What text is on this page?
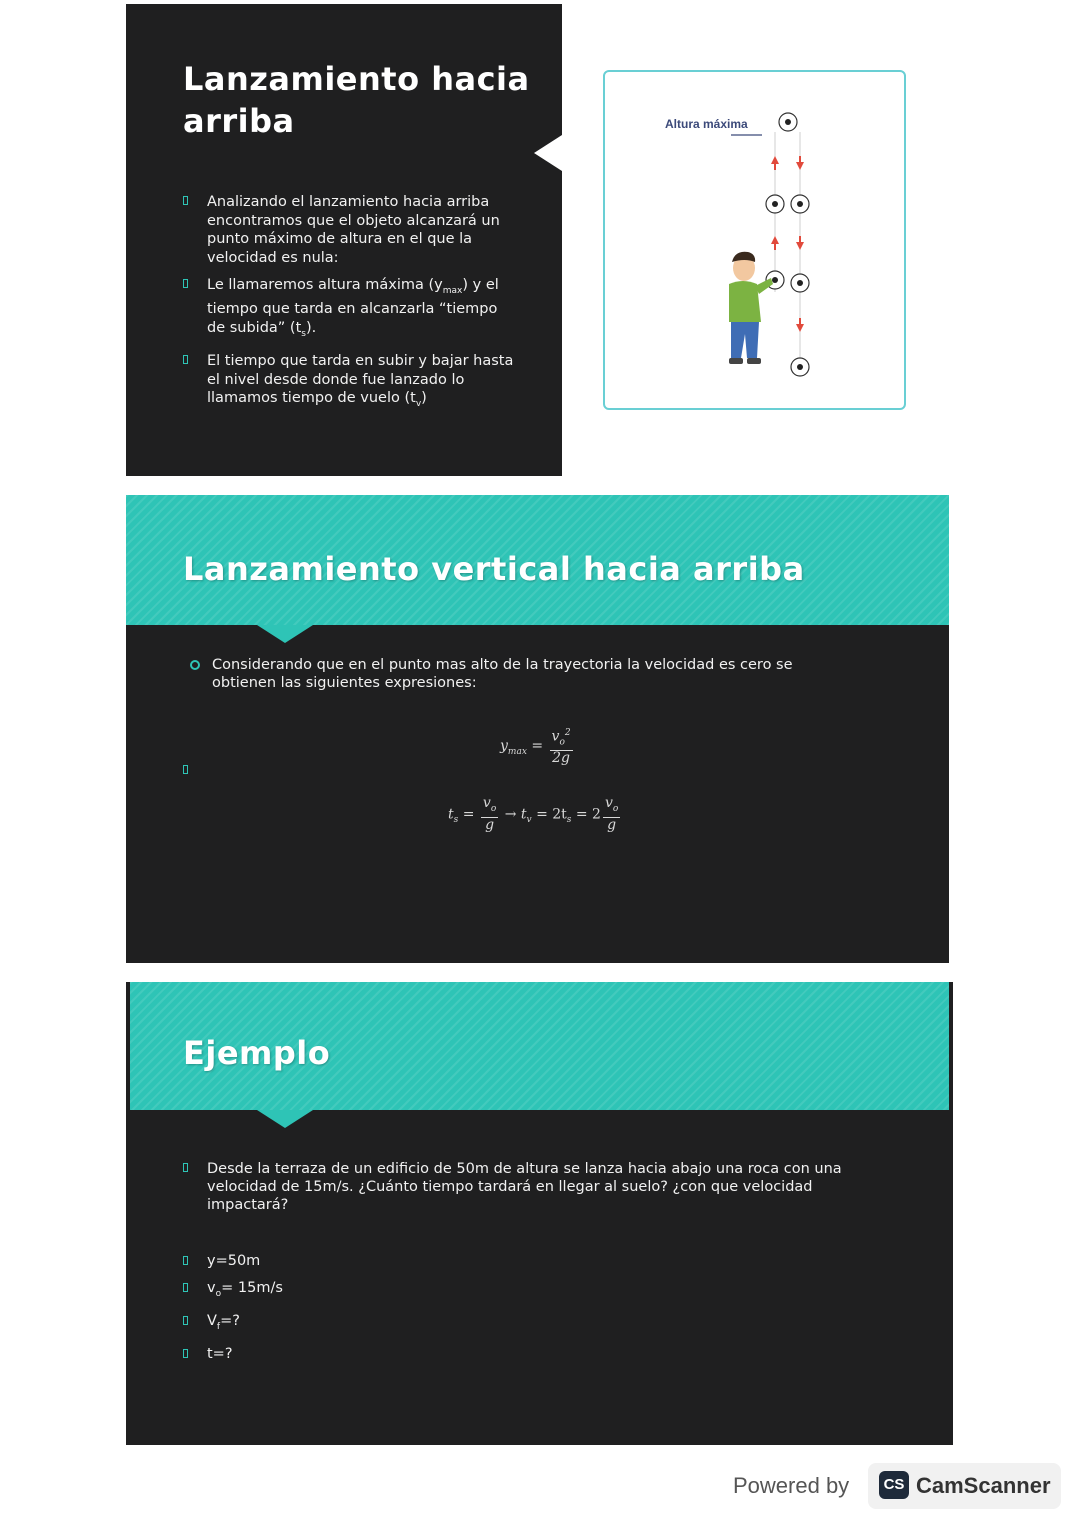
Lanzamiento hacia arriba
Analizando el lanzamiento hacia arriba encontramos que el objeto alcanzará un punto máximo de altura en el que la velocidad es nula:
Le llamaremos altura máxima $(y_{max})$ y el tiempo que tarda en alcanzarla “tiempo de subida” $(t_s)$.
El tiempo que tarda en subir y bajar hasta el nivel desde donde fue lanzado lo llamamos tiempo de vuelo $(t_v)$
Altura máxima
Lanzamiento vertical hacia arriba
Considerando que en el punto mas alto de la trayectoria la velocidad es cero se obtienen las siguientes expresiones:
$y_{max} = \frac{v_o^2}{2g}$
$t_s = \frac{v_o}{g} \to t_v = 2t_s = 2 \frac{v_o}{g}$
Ejemplo
Desde la terraza de un edificio de 50m de altura se lanza hacia abajo una roca con una velocidad de 15m/s. ¿Cuánto tiempo tardará en llegar al suelo? ¿con que velocidad impactará?
y=50m
$v_o= 15m/s$
$V_f=$?
t=?
Powered by	CS CamScanner
